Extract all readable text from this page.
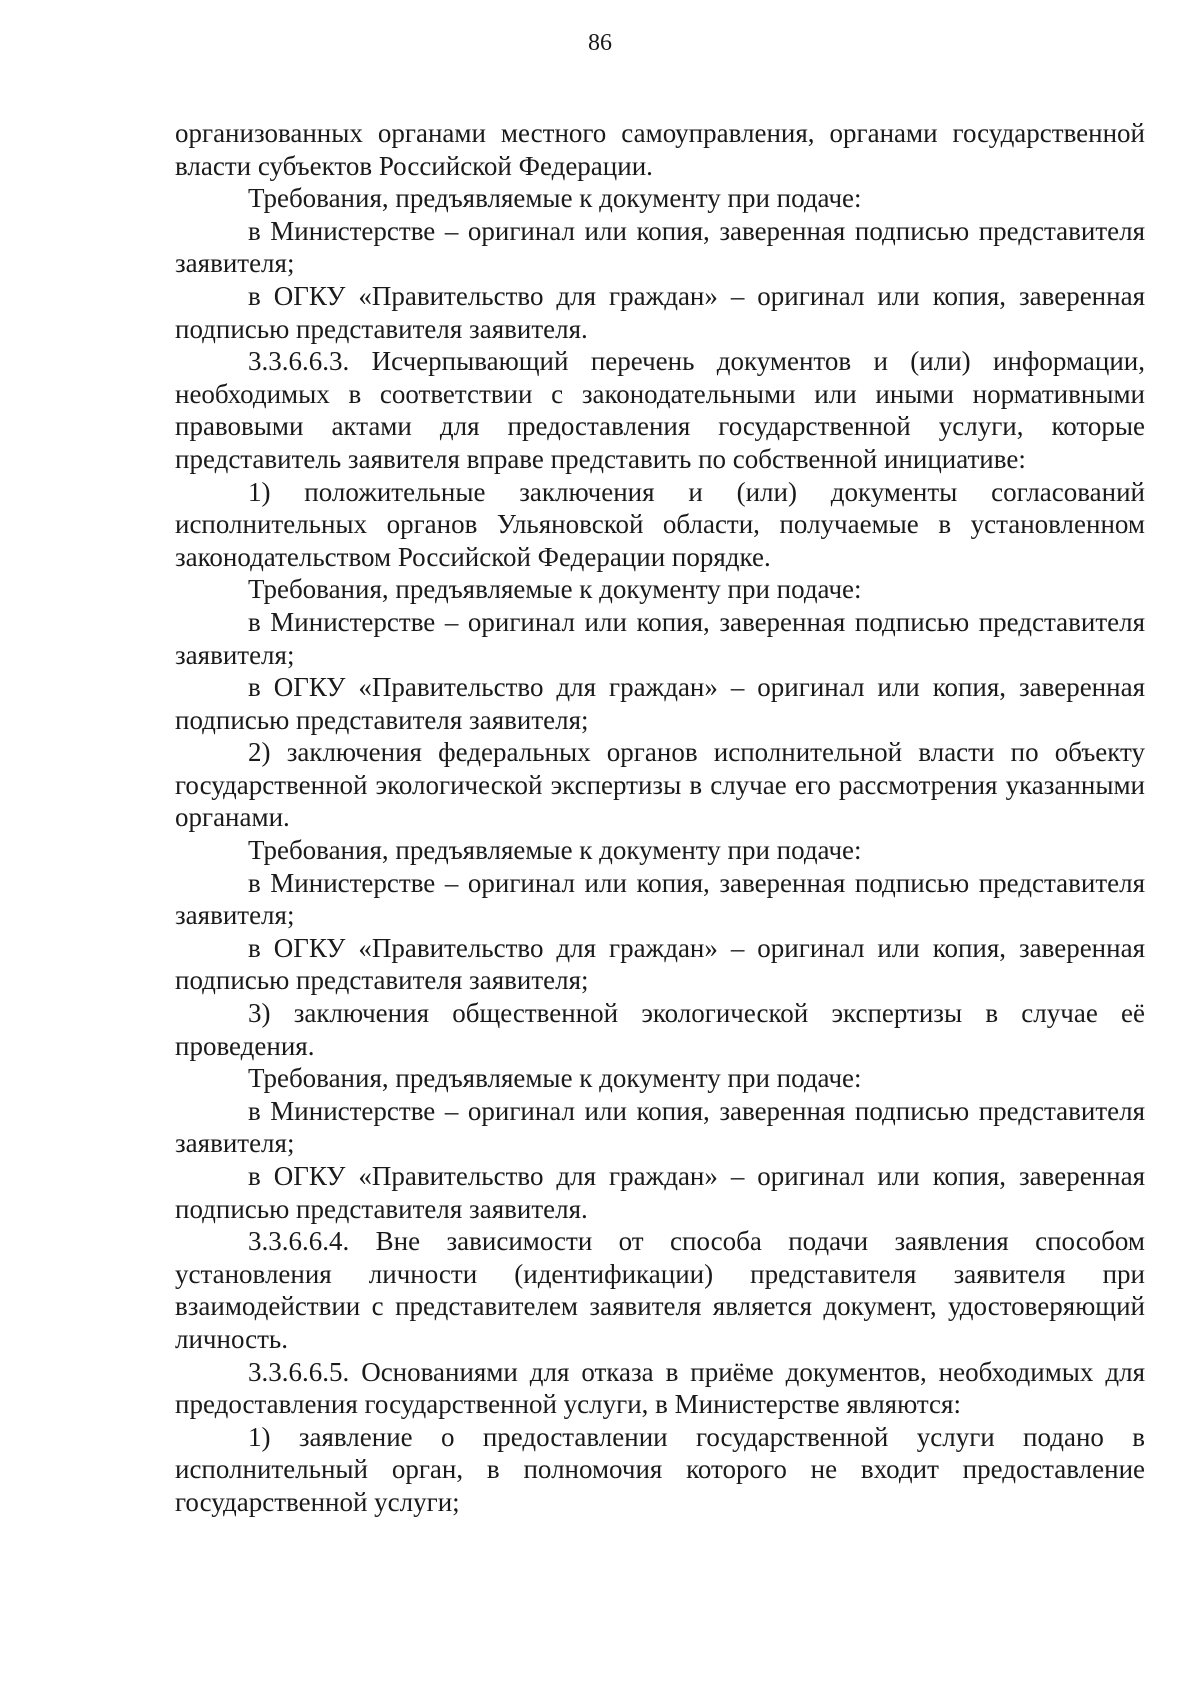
86

организованных органами местного самоуправления, органами государственной власти субъектов Российской Федерации.

Требования, предъявляемые к документу при подаче:

в Министерстве – оригинал или копия, заверенная подписью представителя заявителя;

в ОГКУ «Правительство для граждан» – оригинал или копия, заверенная подписью представителя заявителя.

3.3.6.6.3. Исчерпывающий перечень документов и (или) информации, необходимых в соответствии с законодательными или иными нормативными правовыми актами для предоставления государственной услуги, которые представитель заявителя вправе представить по собственной инициативе:

1) положительные заключения и (или) документы согласований исполнительных органов Ульяновской области, получаемые в установленном законодательством Российской Федерации порядке.

Требования, предъявляемые к документу при подаче:

в Министерстве – оригинал или копия, заверенная подписью представителя заявителя;

в ОГКУ «Правительство для граждан» – оригинал или копия, заверенная подписью представителя заявителя;

2) заключения федеральных органов исполнительной власти по объекту государственной экологической экспертизы в случае его рассмотрения указанными органами.

Требования, предъявляемые к документу при подаче:

в Министерстве – оригинал или копия, заверенная подписью представителя заявителя;

в ОГКУ «Правительство для граждан» – оригинал или копия, заверенная подписью представителя заявителя;

3) заключения общественной экологической экспертизы в случае её проведения.

Требования, предъявляемые к документу при подаче:

в Министерстве – оригинал или копия, заверенная подписью представителя заявителя;

в ОГКУ «Правительство для граждан» – оригинал или копия, заверенная подписью представителя заявителя.

3.3.6.6.4. Вне зависимости от способа подачи заявления способом установления личности (идентификации) представителя заявителя при взаимодействии с представителем заявителя является документ, удостоверяющий личность.

3.3.6.6.5. Основаниями для отказа в приёме документов, необходимых для предоставления государственной услуги, в Министерстве являются:

1) заявление о предоставлении государственной услуги подано в исполнительный орган, в полномочия которого не входит предоставление государственной услуги;
